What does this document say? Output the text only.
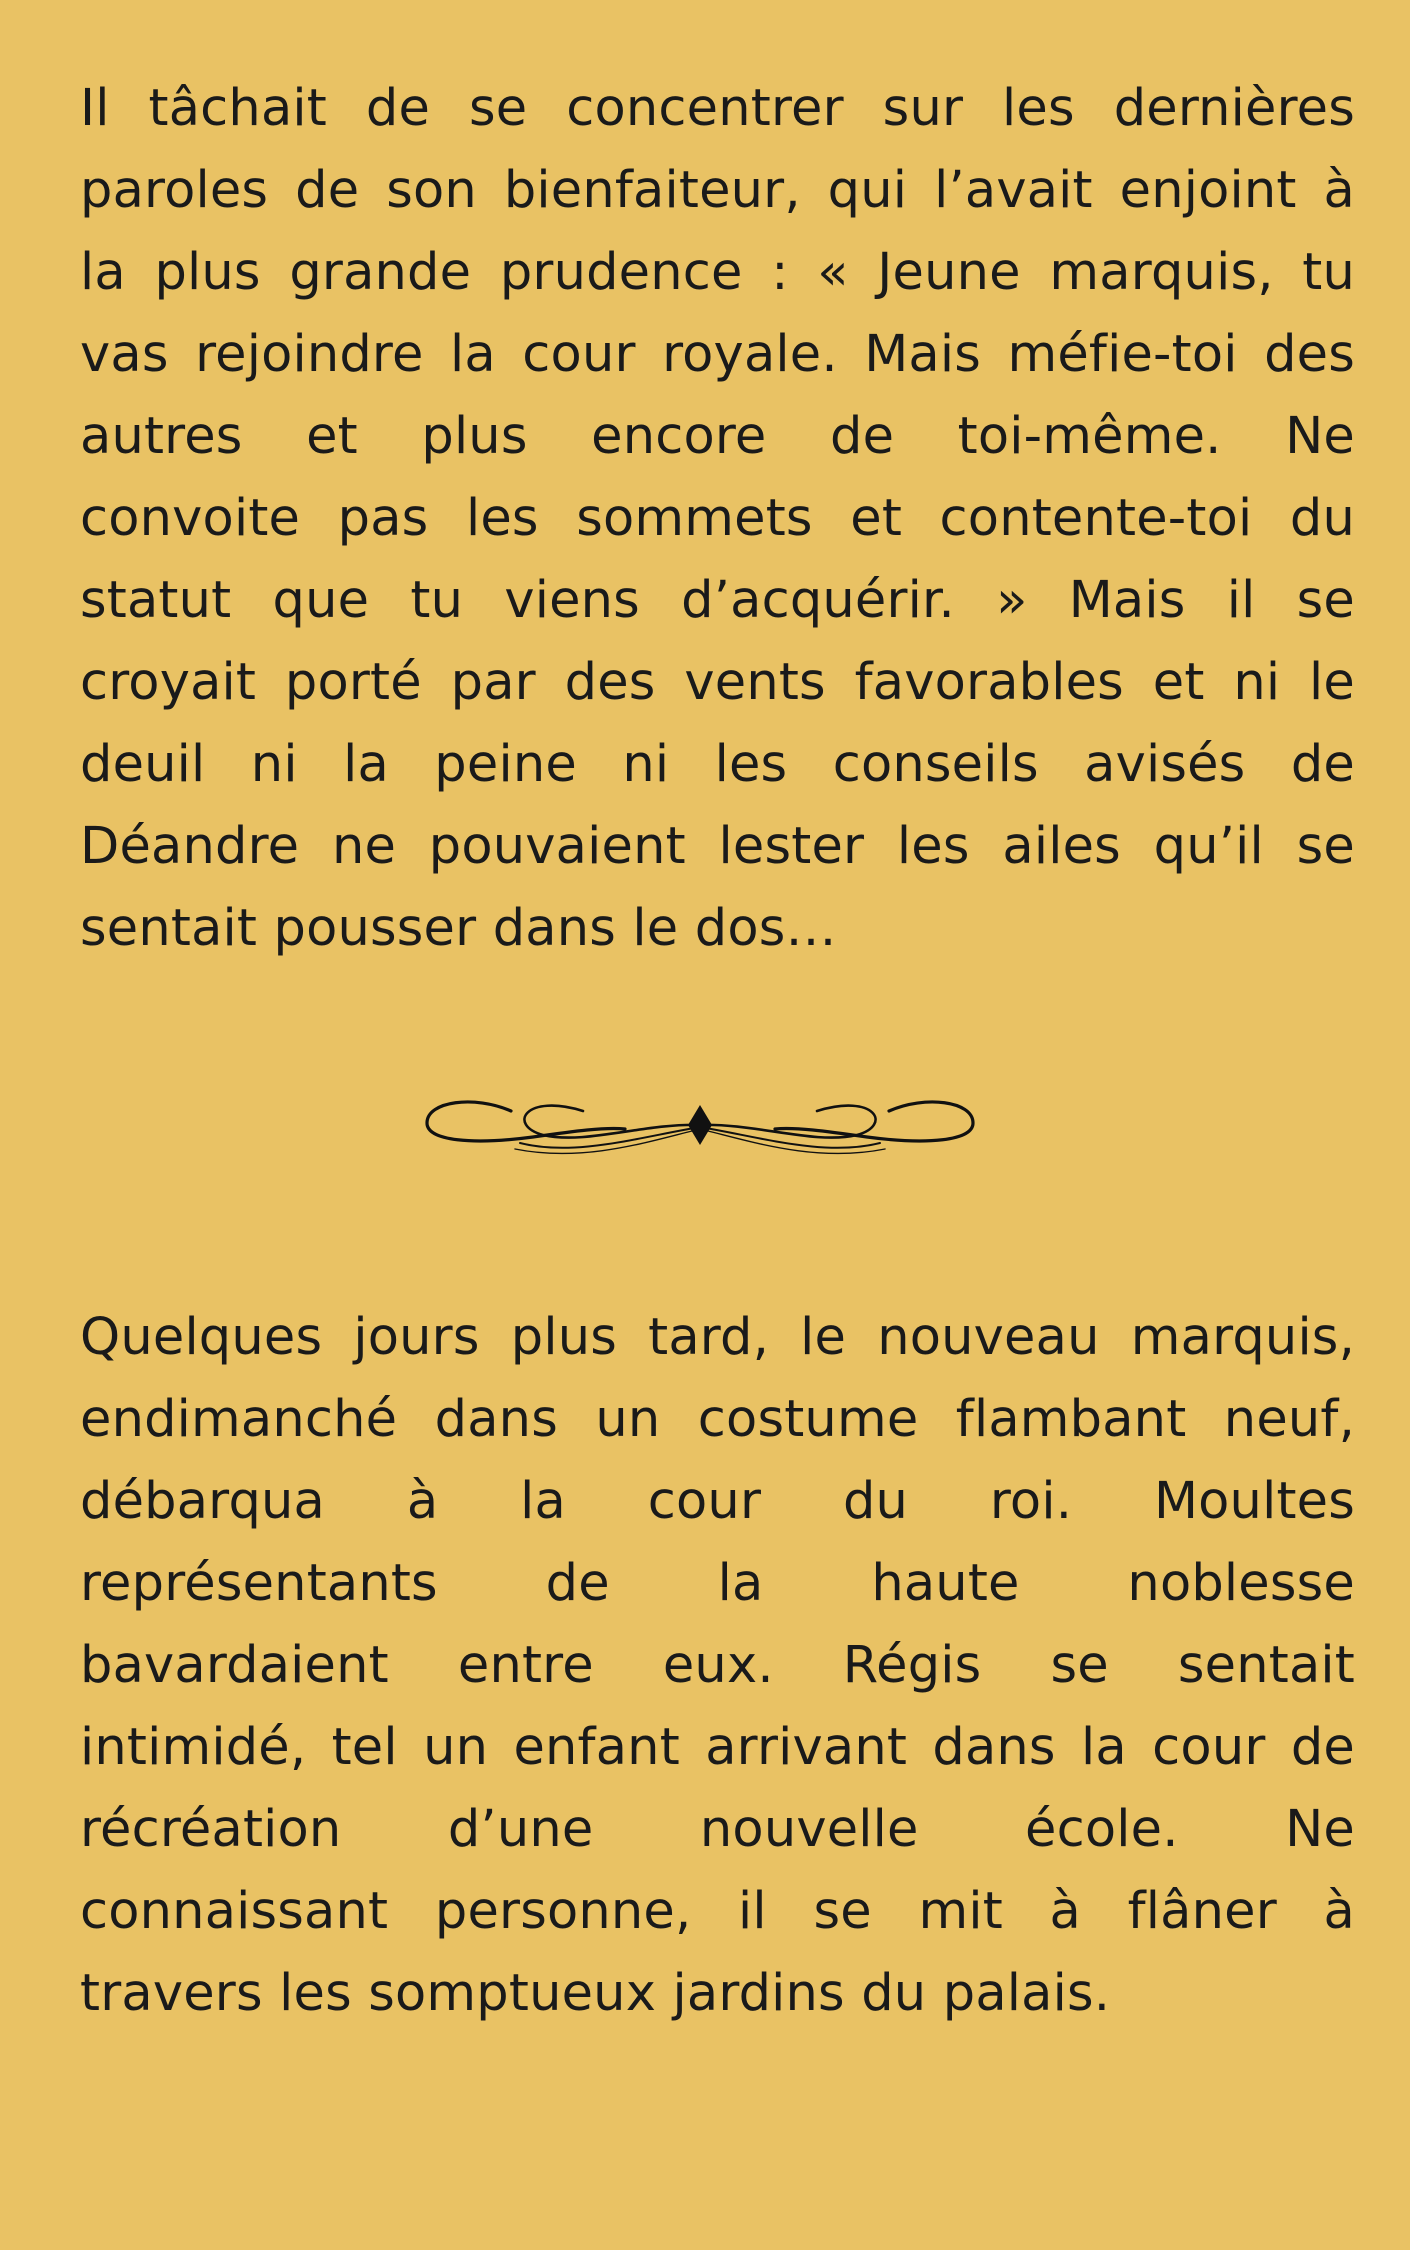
Il tâchait de se concentrer sur les dernières
paroles de son bienfaiteur, qui l’avait enjoint à
la plus grande prudence : « Jeune marquis, tu
vas rejoindre la cour royale. Mais méfie-toi des
autres et plus encore de toi-même. Ne
convoite pas les sommets et contente-toi du
statut que tu viens d’acquérir. » Mais il se
croyait porté par des vents favorables et ni le
deuil ni la peine ni les conseils avisés de
Déandre ne pouvaient lester les ailes qu’il se
sentait pousser dans le dos…
Quelques jours plus tard, le nouveau marquis,
endimanché dans un costume flambant neuf,
débarqua à la cour du roi. Moultes
représentants de la haute noblesse
bavardaient entre eux. Régis se sentait
intimidé, tel un enfant arrivant dans la cour de
récréation d’une nouvelle école. Ne
connaissant personne, il se mit à flâner à
travers les somptueux jardins du palais.
